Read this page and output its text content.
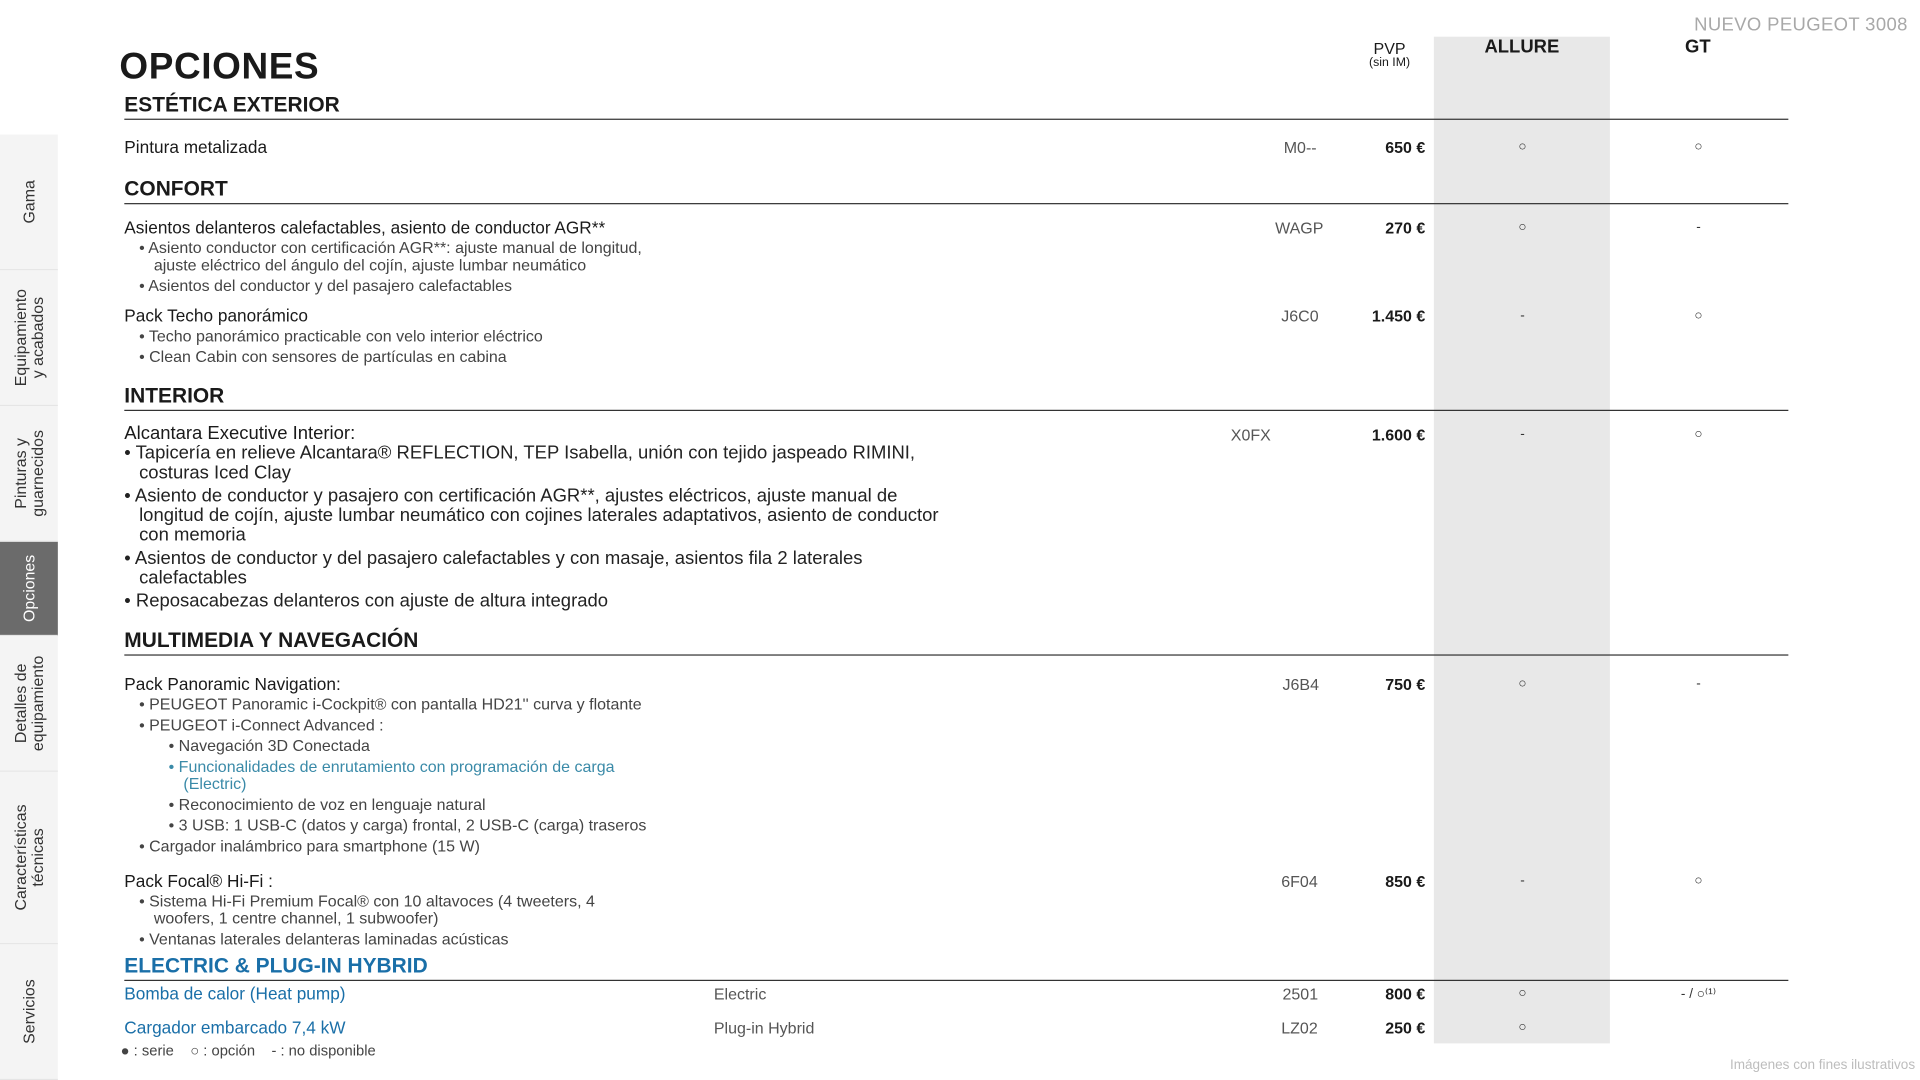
NUEVO PEUGEOT 3008
Gama
Equipamiento
y acabados
Pinturas y
guarnecidos
Opciones
Detalles de
equipamiento
Características
técnicas
Servicios
OPCIONES	PVP
(sin IM)
ALLURE	GT
ESTÉTICA EXTERIOR
Pintura metalizada	M0--	650 €	○	○
CONFORT
Asientos delanteros calefactables, asiento de conductor AGR**
• Asiento conductor con certificación AGR**: ajuste manual de longitud,
ajuste eléctrico del ángulo del cojín, ajuste lumbar neumático
• Asientos del conductor y del pasajero calefactables
WAGP	270 €	○	-
Pack Techo panorámico
• Techo panorámico practicable con velo interior eléctrico
• Clean Cabin con sensores de partículas en cabina
J6C0	1.450 €	-	○
INTERIOR
Alcantara Executive Interior:
• Tapicería en relieve Alcantara® REFLECTION, TEP Isabella, unión con tejido jaspeado RIMINI,
costuras Iced Clay
• Asiento de conductor y pasajero con certificación AGR**, ajustes eléctricos, ajuste manual de
longitud de cojín, ajuste lumbar neumático con cojines laterales adaptativos, asiento de conductor
con memoria
• Asientos de conductor y del pasajero calefactables y con masaje, asientos fila 2 laterales
calefactables
• Reposacabezas delanteros con ajuste de altura integrado
X0FX	1.600 €	-	○
MULTIMEDIA Y NAVEGACIÓN
Pack Panoramic Navigation:
• PEUGEOT Panoramic i-Cockpit® con pantalla HD21'' curva y flotante
• PEUGEOT i-Connect Advanced :
• Navegación 3D Conectada
• Funcionalidades de enrutamiento con programación de carga
(Electric)
• Reconocimiento de voz en lenguaje natural
• 3 USB: 1 USB-C (datos y carga) frontal, 2 USB-C (carga) traseros
• Cargador inalámbrico para smartphone (15 W)
J6B4	750 €	○	-
Pack Focal® Hi-Fi :
• Sistema Hi-Fi Premium Focal® con 10 altavoces (4 tweeters, 4
woofers, 1 centre channel, 1 subwoofer)
• Ventanas laterales delanteras laminadas acústicas
6F04	850 €	-	○
ELECTRIC & PLUG-IN HYBRID
Bomba de calor (Heat pump)	Electric	2501	800 €	○	- / ○⁽¹⁾
Cargador embarcado 7,4 kW	Plug-in Hybrid	LZ02	250 €	○
● : serie    ○ : opción    - : no disponible
Imágenes con fines ilustrativos
